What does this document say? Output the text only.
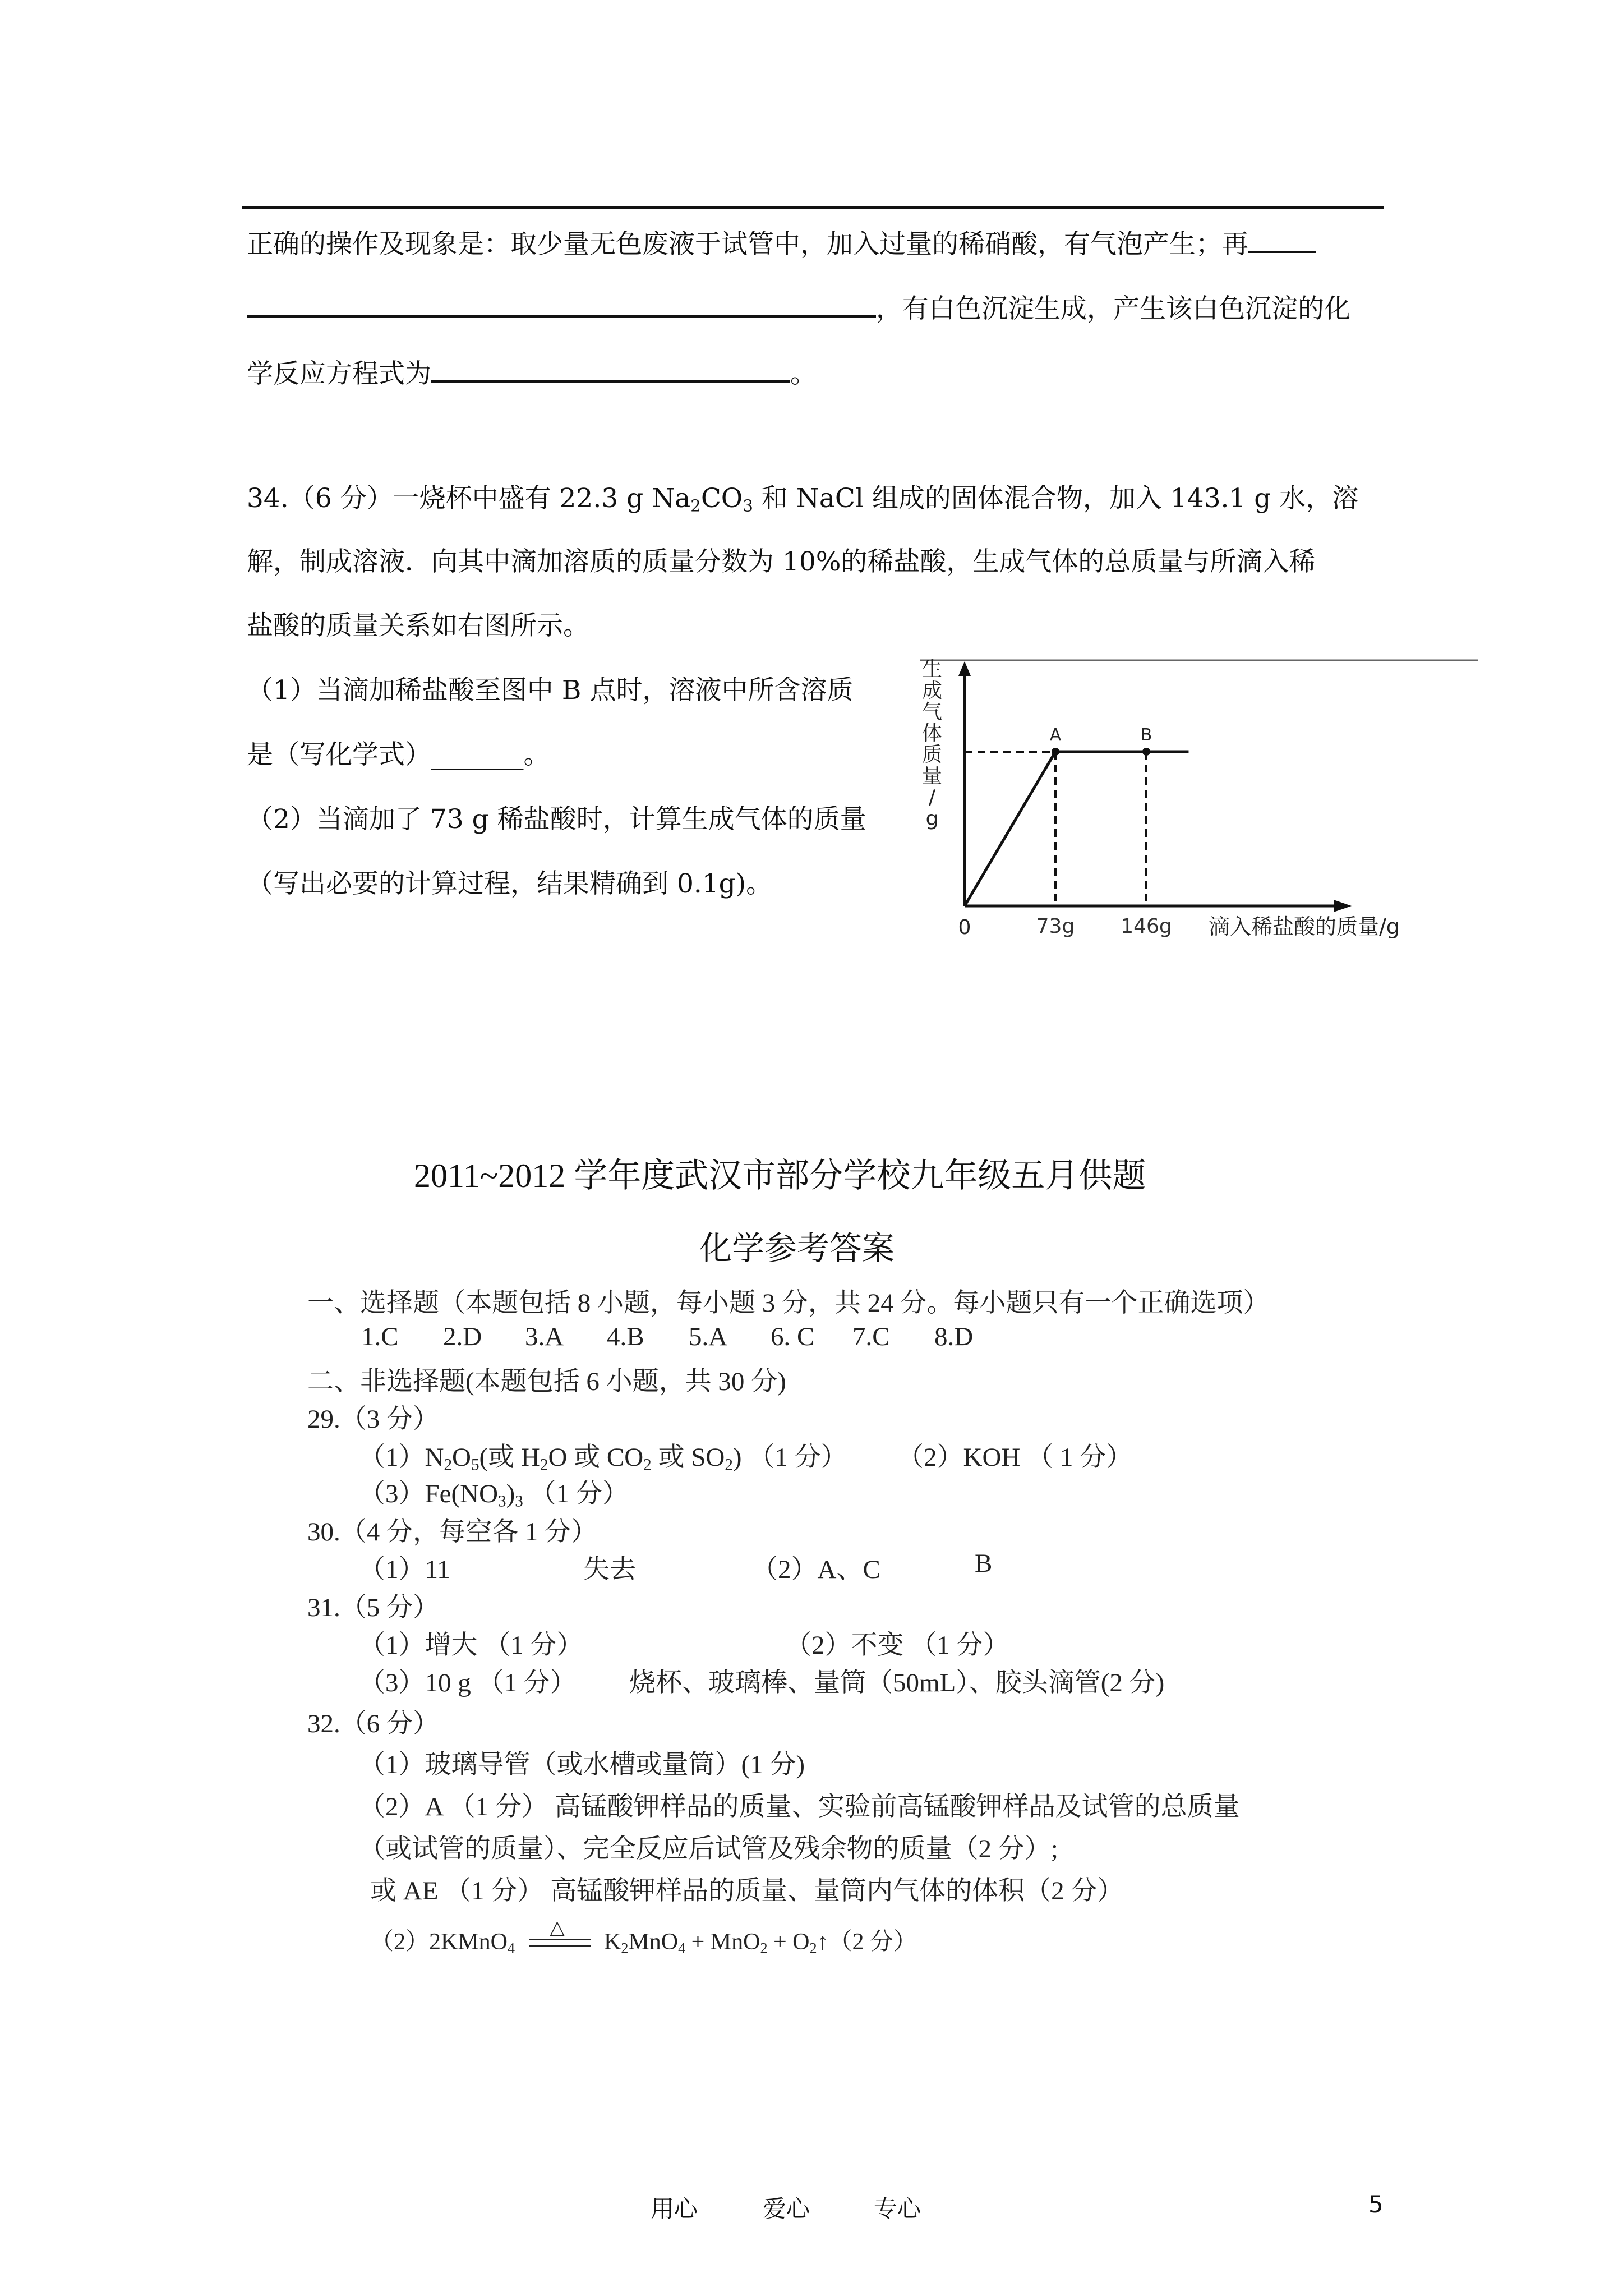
正确的操作及现象是：取少量无色废液于试管中，加入过量的稀硝酸，有气泡产生；再
，有白色沉淀生成，产生该白色沉淀的化
学反应方程式为	。
34.（6 分）一烧杯中盛有 22.3 g $Na_2CO_3$ 和 NaCl 组成的固体混合物，加入 143.1 g 水，溶
解，制成溶液．向其中滴加溶质的质量分数为 10%的稀盐酸，生成气体的总质量与所滴入稀
盐酸的质量关系如右图所示。
（1）当滴加稀盐酸至图中 B 点时，溶液中所含溶质
是（写化学式）_______。
（2）当滴加了 73 g 稀盐酸时，计算生成气体的质量
（写出必要的计算过程，结果精确到 0.1g)。
生
成
气
体
质
量
/
g
A	B
0	73g 146g 滴入稀盐酸的质量/g
2011~2012 学年度武汉市部分学校九年级五月供题
化学参考答案
一、选择题（本题包括 8 小题，每小题 3 分，共 24 分。每小题只有一个正确选项）
1.C 2.D 3.A 4.B 5.A 6. C 7.C 8.D
二、非选择题(本题包括 6 小题，共 30 分)
29.（3 分）
$(1)N_2O_5$(或 $H_2O$ 或 $CO_2$ 或 $SO_2$) （1 分） （2）KOH （ 1 分）
$(3)Fe(NO_3)_3$ （1 分）
30.（4 分，每空各 1 分）
（1）11	失去	（2）A、C	B
31.（5 分）
（1）增大 （1 分）	（2）不变 （1 分）
（3）10 g （1 分） 烧杯、玻璃棒、量筒（50mL）、胶头滴管(2 分)
32.（6 分）
（1）玻璃导管（或水槽或量筒）(1 分)
（2）A （1 分） 高锰酸钾样品的质量、实验前高锰酸钾样品及试管的总质量
（或试管的质量）、完全反应后试管及残余物的质量（2 分）;
或 AE （1 分） 高锰酸钾样品的质量、量筒内气体的体积（2 分）
（2）2KMnO$_4$
△
$K_2MnO_4 + MnO_2$ + $O_2↑(2$ 分）
用心	爱心	专心	5
